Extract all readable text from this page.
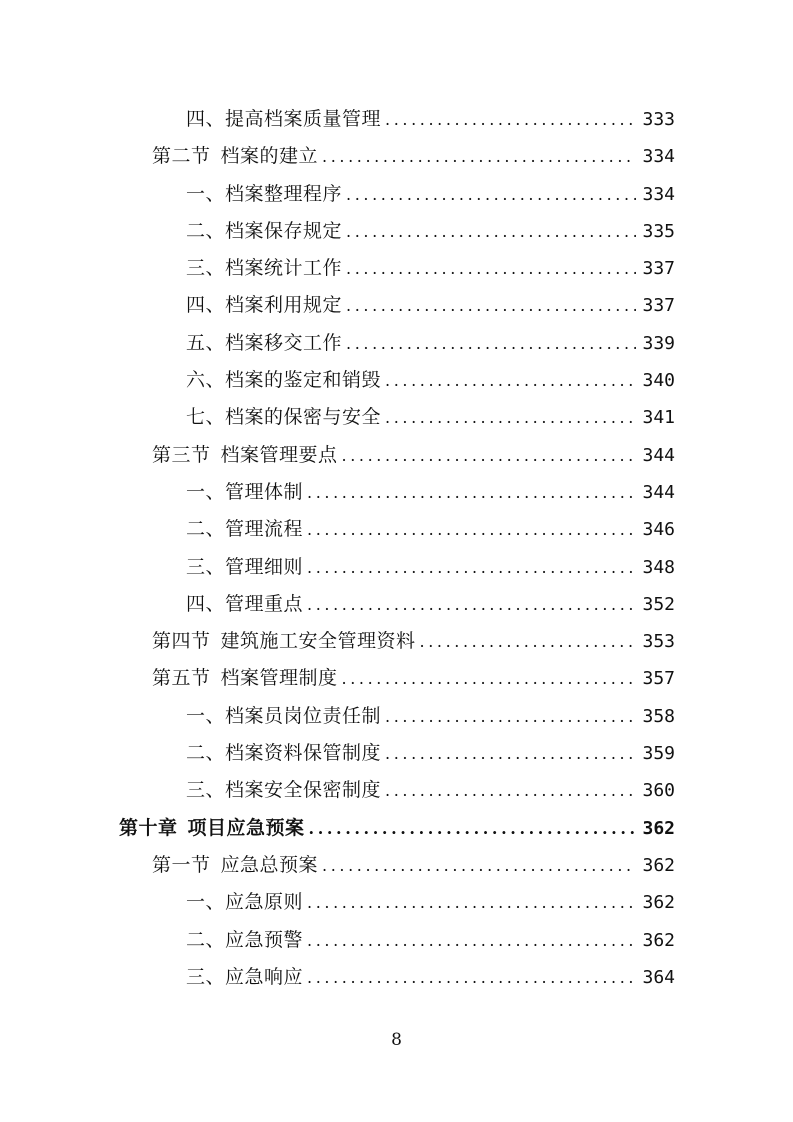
四、提高档案质量管理 .....	333
第二节 档案的建立 .....	334
一、档案整理程序 .....	334
二、档案保存规定 .....	335
三、档案统计工作 .....	337
四、档案利用规定 .....	337
五、档案移交工作 .....	339
六、档案的鉴定和销毁 .....	340
七、档案的保密与安全 .....	341
第三节 档案管理要点 .....	344
一、管理体制 .....	344
二、管理流程 .....	346
三、管理细则 .....	348
四、管理重点 .....	352
第四节 建筑施工安全管理资料 .....	353
第五节 档案管理制度 .....	357
一、档案员岗位责任制 .....	358
二、档案资料保管制度 .....	359
三、档案安全保密制度 .....	360
第十章 项目应急预案 .....	362
第一节 应急总预案 .....	362
一、应急原则 .....	362
二、应急预警 .....	362
三、应急响应 .....	364
8
